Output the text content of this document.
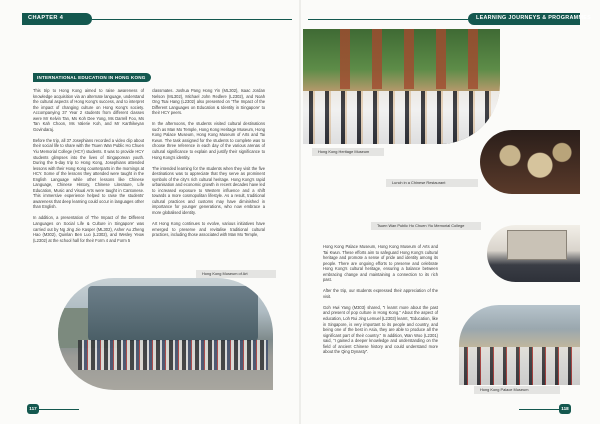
CHAPTER 4	LEARNING JOURNEYS & PROGRAMMES
INTERNATIONAL EDUCATION IN HONG KONG

This trip to Hong Kong aimed to raise awareness of knowledge acquisition via an alternate language, understand the cultural aspects of Hong Kong's success, and to interpret the impact of changing culture on Hong Kong's society. Accompanying 37 Year 2 students from different classes were Mr Kelvin Tan, Ms Koh Dee Yong, Ms Darrell Foo, Ms Tan Kah Choon, Ms Valerie Koh, and Mr Karthikeyan Govindaraj.

Before the trip, all 37 Josephians recorded a video clip about their social life to share with the Tsuen Wan Public Ho Chuen Yiu Memorial College (HCY) students. It was to provide HCY students glimpses into the lives of Singaporean youth. During the 5-day trip to Hong Kong, Josephians attended lessons with their Hong Kong counterparts in the mornings at HCY. Some of the lessons they attended were taught in the English Language while other lessons like Chinese Language, Chinese History, Chinese Literature, Life Education, Music and Visual Arts were taught in Cantonese. This immersive experience helped to raise the students' awareness that deep learning could occur in languages other than English.

In addition, a presentation of 'The Impact of the Different Languages on Social Life & Culture in Singapore' was carried out by Ng Jing Jie Kasper (ML302), Asher Au Zheng Hao (M302), Quinlan Ben Luo (L2302), and Wesley Yeow (L2302) at the school hall for their Form 4 and Form 5

classmates. Joshua Pang Hong Yin (ML302), Isaac Jordan Nelson (ML302), Michael John Redlere (L2302), and Noah Ong Tsai Hang (L2302) also presented on 'The Impact of the Different Languages on Education & Identity in Singapore' to their HCY peers.

In the afternoons, the students visited cultural destinations such as Man Mo Temple, Hong Kong Heritage Museum, Hong Kong Palace Museum, Hong Kong Museum of Arts and Tai Kwun. The task assigned for the students to complete was to choose three reference in each day of the various arenas of cultural significance to explain and justify their significance to Hong Kong's identity.

The intended learning for the students when they visit the five destinations was to appreciate that they serve as prominent symbols of the city's rich cultural heritage. Hong Kong's rapid urbanisation and economic growth in recent decades have led to increased exposure to Western influence and a shift towards a more cosmopolitan lifestyle. As a result, traditional cultural practices and customs may have diminished in importance for younger generations, who now embrace a more globalised identity.

Art Hong Kong continues to evolve, various initiatives have emerged to preserve and revitalise traditional cultural practices, including those associated with Man Mo Temple,

Hong Kong Palace Museum, Hong Kong Museum of Arts and Tai Kwun. These efforts aim to safeguard Hong Kong's cultural heritage and promote a sense of pride and identity among its people. There are ongoing efforts to preserve and celebrate Hong Kong's cultural heritage, ensuring a balance between embracing change and maintaining a connection to its rich past.

After the trip, our students expressed their appreciation of the visit.

Goh Hwi Yang (M303) shared, "I learnt more about the past and present of pop culture in Hong Kong." About the aspect of education, Loh Rui Jing Lemuel (L2303) learnt, "Education, like in Singapore, is very important to its people and country, and being one of the best in Asia, they are able to produce all the significant part of their country." In addition, Wan Woo (L2301) said, "I gained a deeper knowledge and understanding on the field of ancient Chinese history and could understand more about the Qing Dynasty".

Hong Kong Museum of Art
Hong Kong Heritage Museum
Lunch in a Chinese Restaurant
Tsuen Wan Public Ho Chuen Yiu Memorial College
Hong Kong Palace Museum
117	118
